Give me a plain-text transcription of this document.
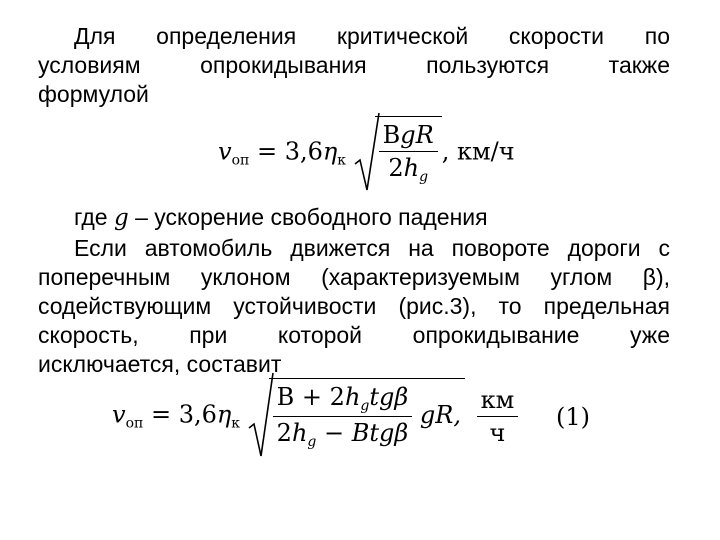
Для определения критической скорости по
условиям опрокидывания пользуются также
формулой
$v_{оп} = 3,6\eta_к \frac{\text{ВgR}}{2h_g}$ , км/ч
где g – ускорение свободного падения
Если автомобиль движется на повороте дороги с
поперечным уклоном (характеризуемым углом β),
содействующим устойчивости (рис.3), то предельная
скорость, при которой опрокидывание уже
исключается, составит
$v_{оп} = 3,6\eta_к \frac{В + 2h_gtg\beta}{2h_g - Btg\beta}$ gR, $\frac{км}{ч} (1)$
